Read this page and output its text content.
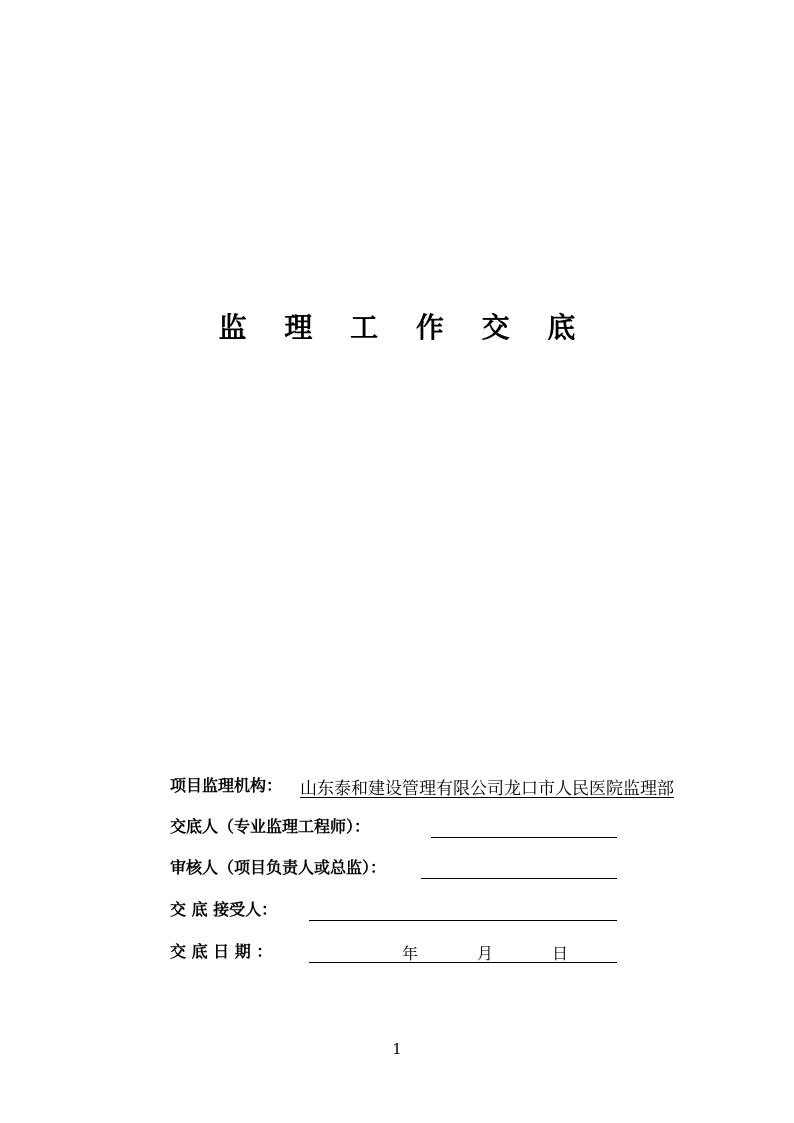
监 理 工 作 交 底
项目监理机构： 山东泰和建设管理有限公司龙口市人民医院监理部
交底人（专业监理工程师）：
审核人（项目负责人或总监）：
交 底 接受人：
交 底 日 期 ：	年	月	日
1
